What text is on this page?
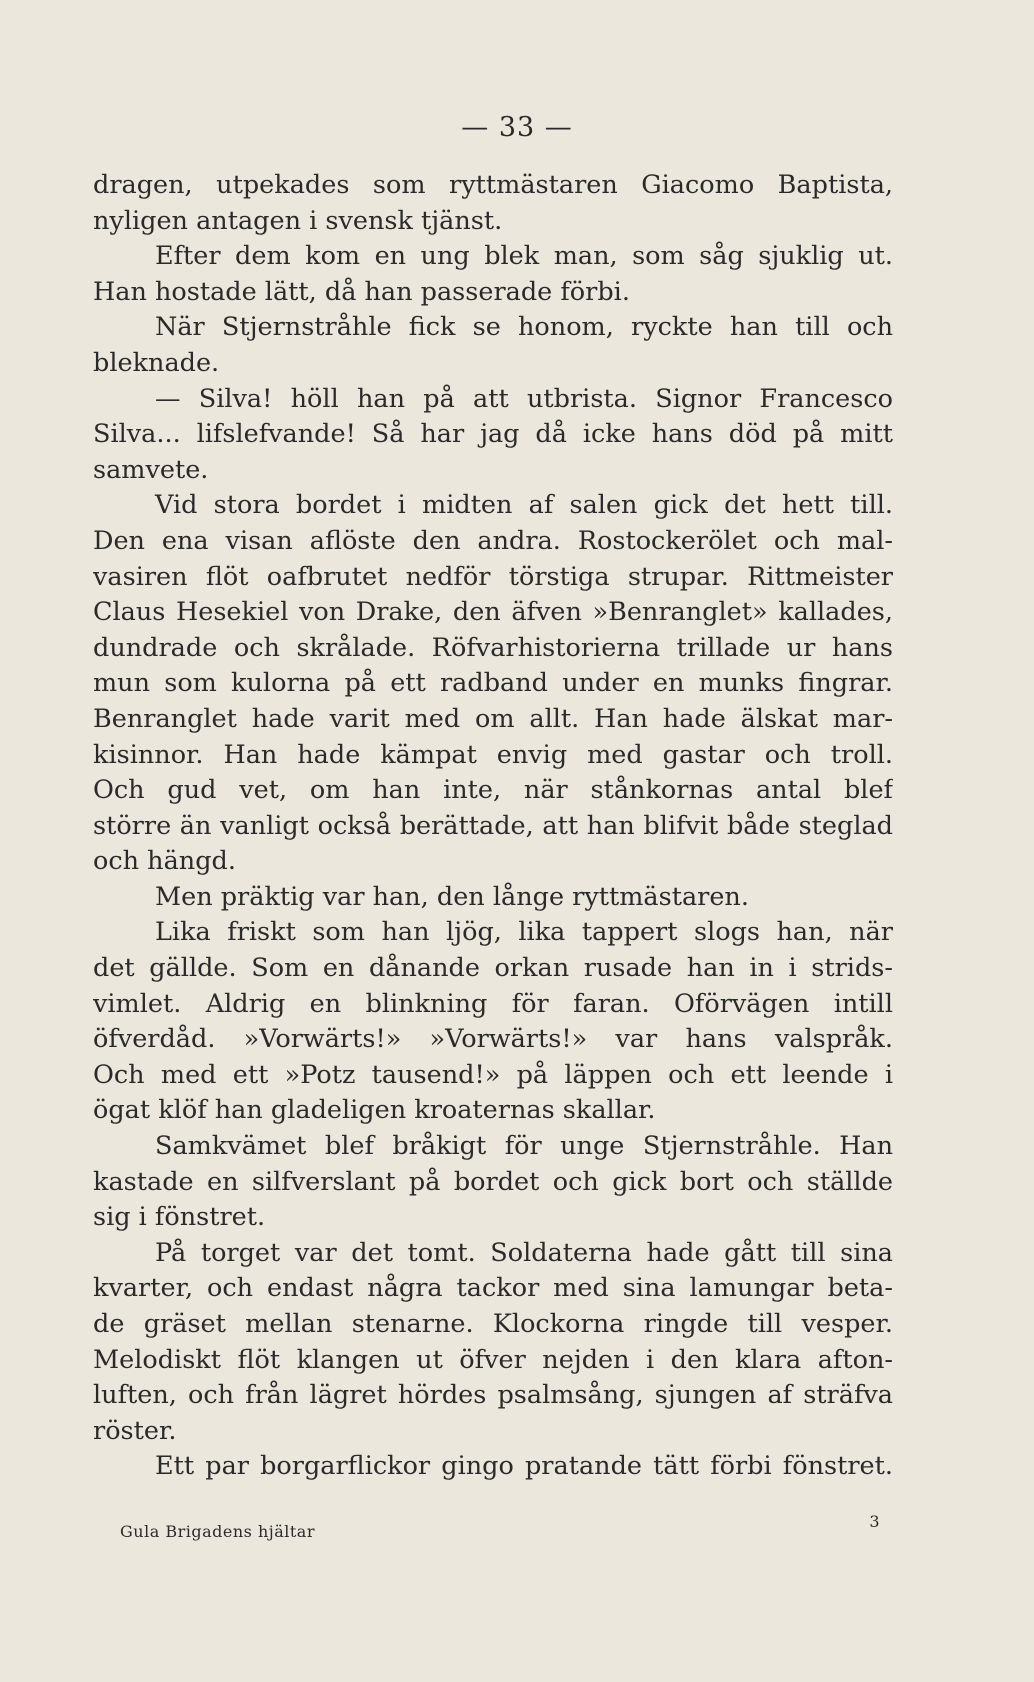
— 33 —
dragen, utpekades som ryttmästaren Giacomo Baptista,
nyligen antagen i svensk tjänst.
Efter dem kom en ung blek man, som såg sjuklig ut.
Han hostade lätt, då han passerade förbi.
När Stjernstråhle fick se honom, ryckte han till och
bleknade.
— Silva! höll han på att utbrista. Signor Francesco
Silva... lifslefvande! Så har jag då icke hans död på mitt
samvete.
Vid stora bordet i midten af salen gick det hett till.
Den ena visan aflöste den andra. Rostockerölet och mal-
vasiren flöt oafbrutet nedför törstiga strupar. Rittmeister
Claus Hesekiel von Drake, den äfven »Benranglet» kallades,
dundrade och skrålade. Röfvarhistorierna trillade ur hans
mun som kulorna på ett radband under en munks fingrar.
Benranglet hade varit med om allt. Han hade älskat mar-
kisinnor. Han hade kämpat envig med gastar och troll.
Och gud vet, om han inte, när stånkornas antal blef
större än vanligt också berättade, att han blifvit både steglad
och hängd.
Men präktig var han, den långe ryttmästaren.
Lika friskt som han ljög, lika tappert slogs han, när
det gällde. Som en dånande orkan rusade han in i strids-
vimlet. Aldrig en blinkning för faran. Oförvägen intill
öfverdåd. »Vorwärts!» »Vorwärts!» var hans valspråk.
Och med ett »Potz tausend!» på läppen och ett leende i
ögat klöf han gladeligen kroaternas skallar.
Samkvämet blef bråkigt för unge Stjernstråhle. Han
kastade en silfverslant på bordet och gick bort och ställde
sig i fönstret.
På torget var det tomt. Soldaterna hade gått till sina
kvarter, och endast några tackor med sina lamungar beta-
de gräset mellan stenarne. Klockorna ringde till vesper.
Melodiskt flöt klangen ut öfver nejden i den klara afton-
luften, och från lägret hördes psalmsång, sjungen af sträfva
röster.
Ett par borgarflickor gingo pratande tätt förbi fönstret.
Gula Brigadens hjältar
3
